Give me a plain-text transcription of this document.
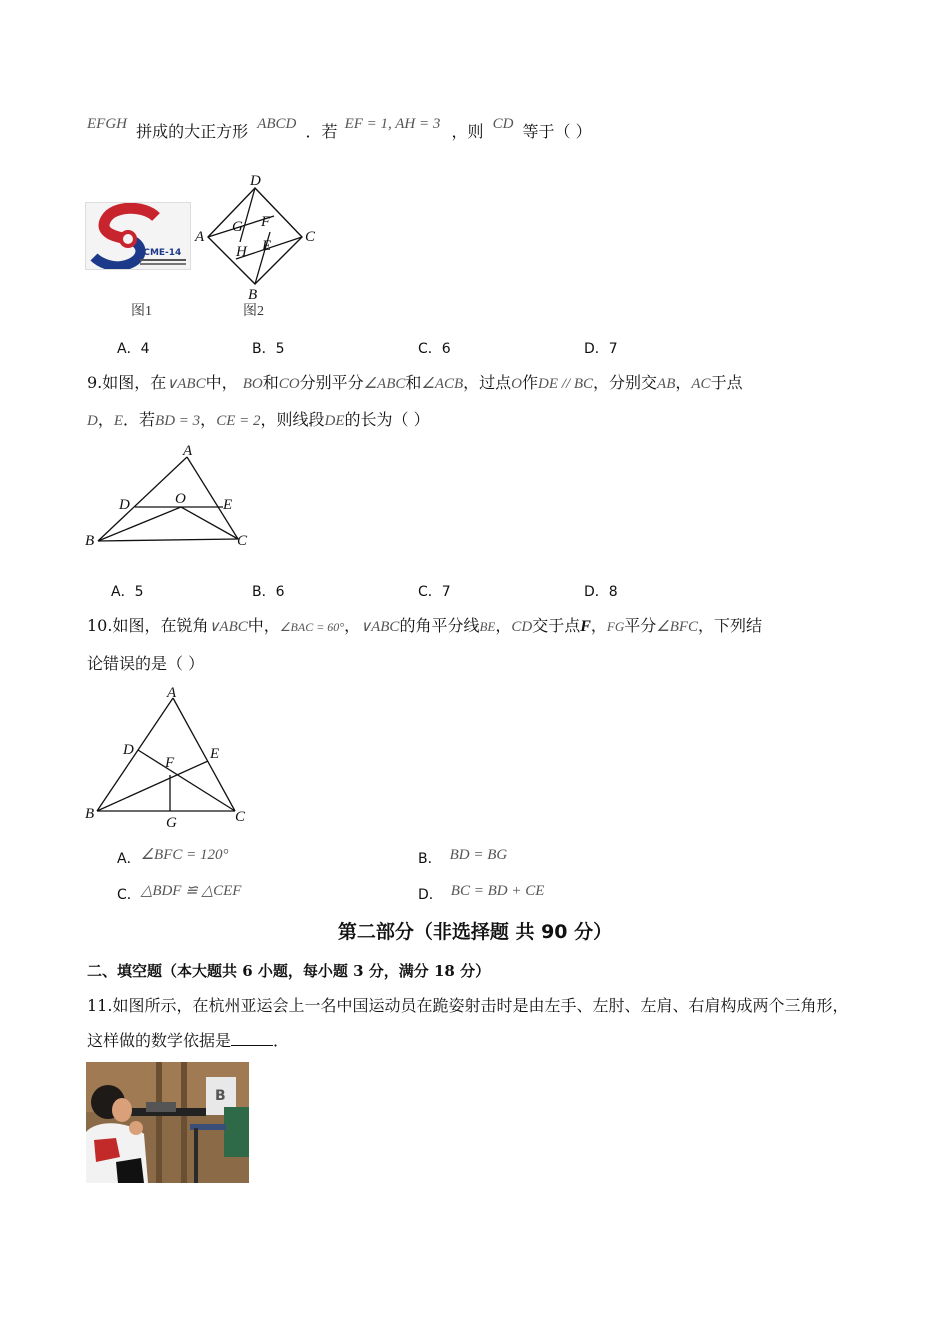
EFGH 拼成的大正方形 ABCD ．若 EF = 1, AH = 3 ，则 CD 等于（ ）
ICME-14
图1
D
A	C
B
G F
H E
图2
A．4	B．5	C．6	D．7
9.如图，在∨ABC中， BO和CO分别平分∠ABC和∠ACB，过点O作DE // BC，分别交AB，AC于点
D，E．若BD = 3，CE = 2，则线段DE的长为（ ）
A
D	O E
B	C
A．5	B．6	C．7	D．8
10.如图，在锐角∨ABC中，∠BAC = 60°，∨ABC的角平分线BE，CD交于点F，FG平分∠BFC，下列结
论错误的是（ ）
A
D	E
F
B
G	C
A．∠BFC = 120°	B． BD = BG
C．△BDF ≌ △CEF	D． BC = BD + CE
第二部分（非选择题 共 90 分）
二、填空题（本大题共 6 小题，每小题 3 分，满分 18 分）
11.如图所示，在杭州亚运会上一名中国运动员在跪姿射击时是由左手、左肘、左肩、右肩构成两个三角形，
这样做的数学依据是	．
B
